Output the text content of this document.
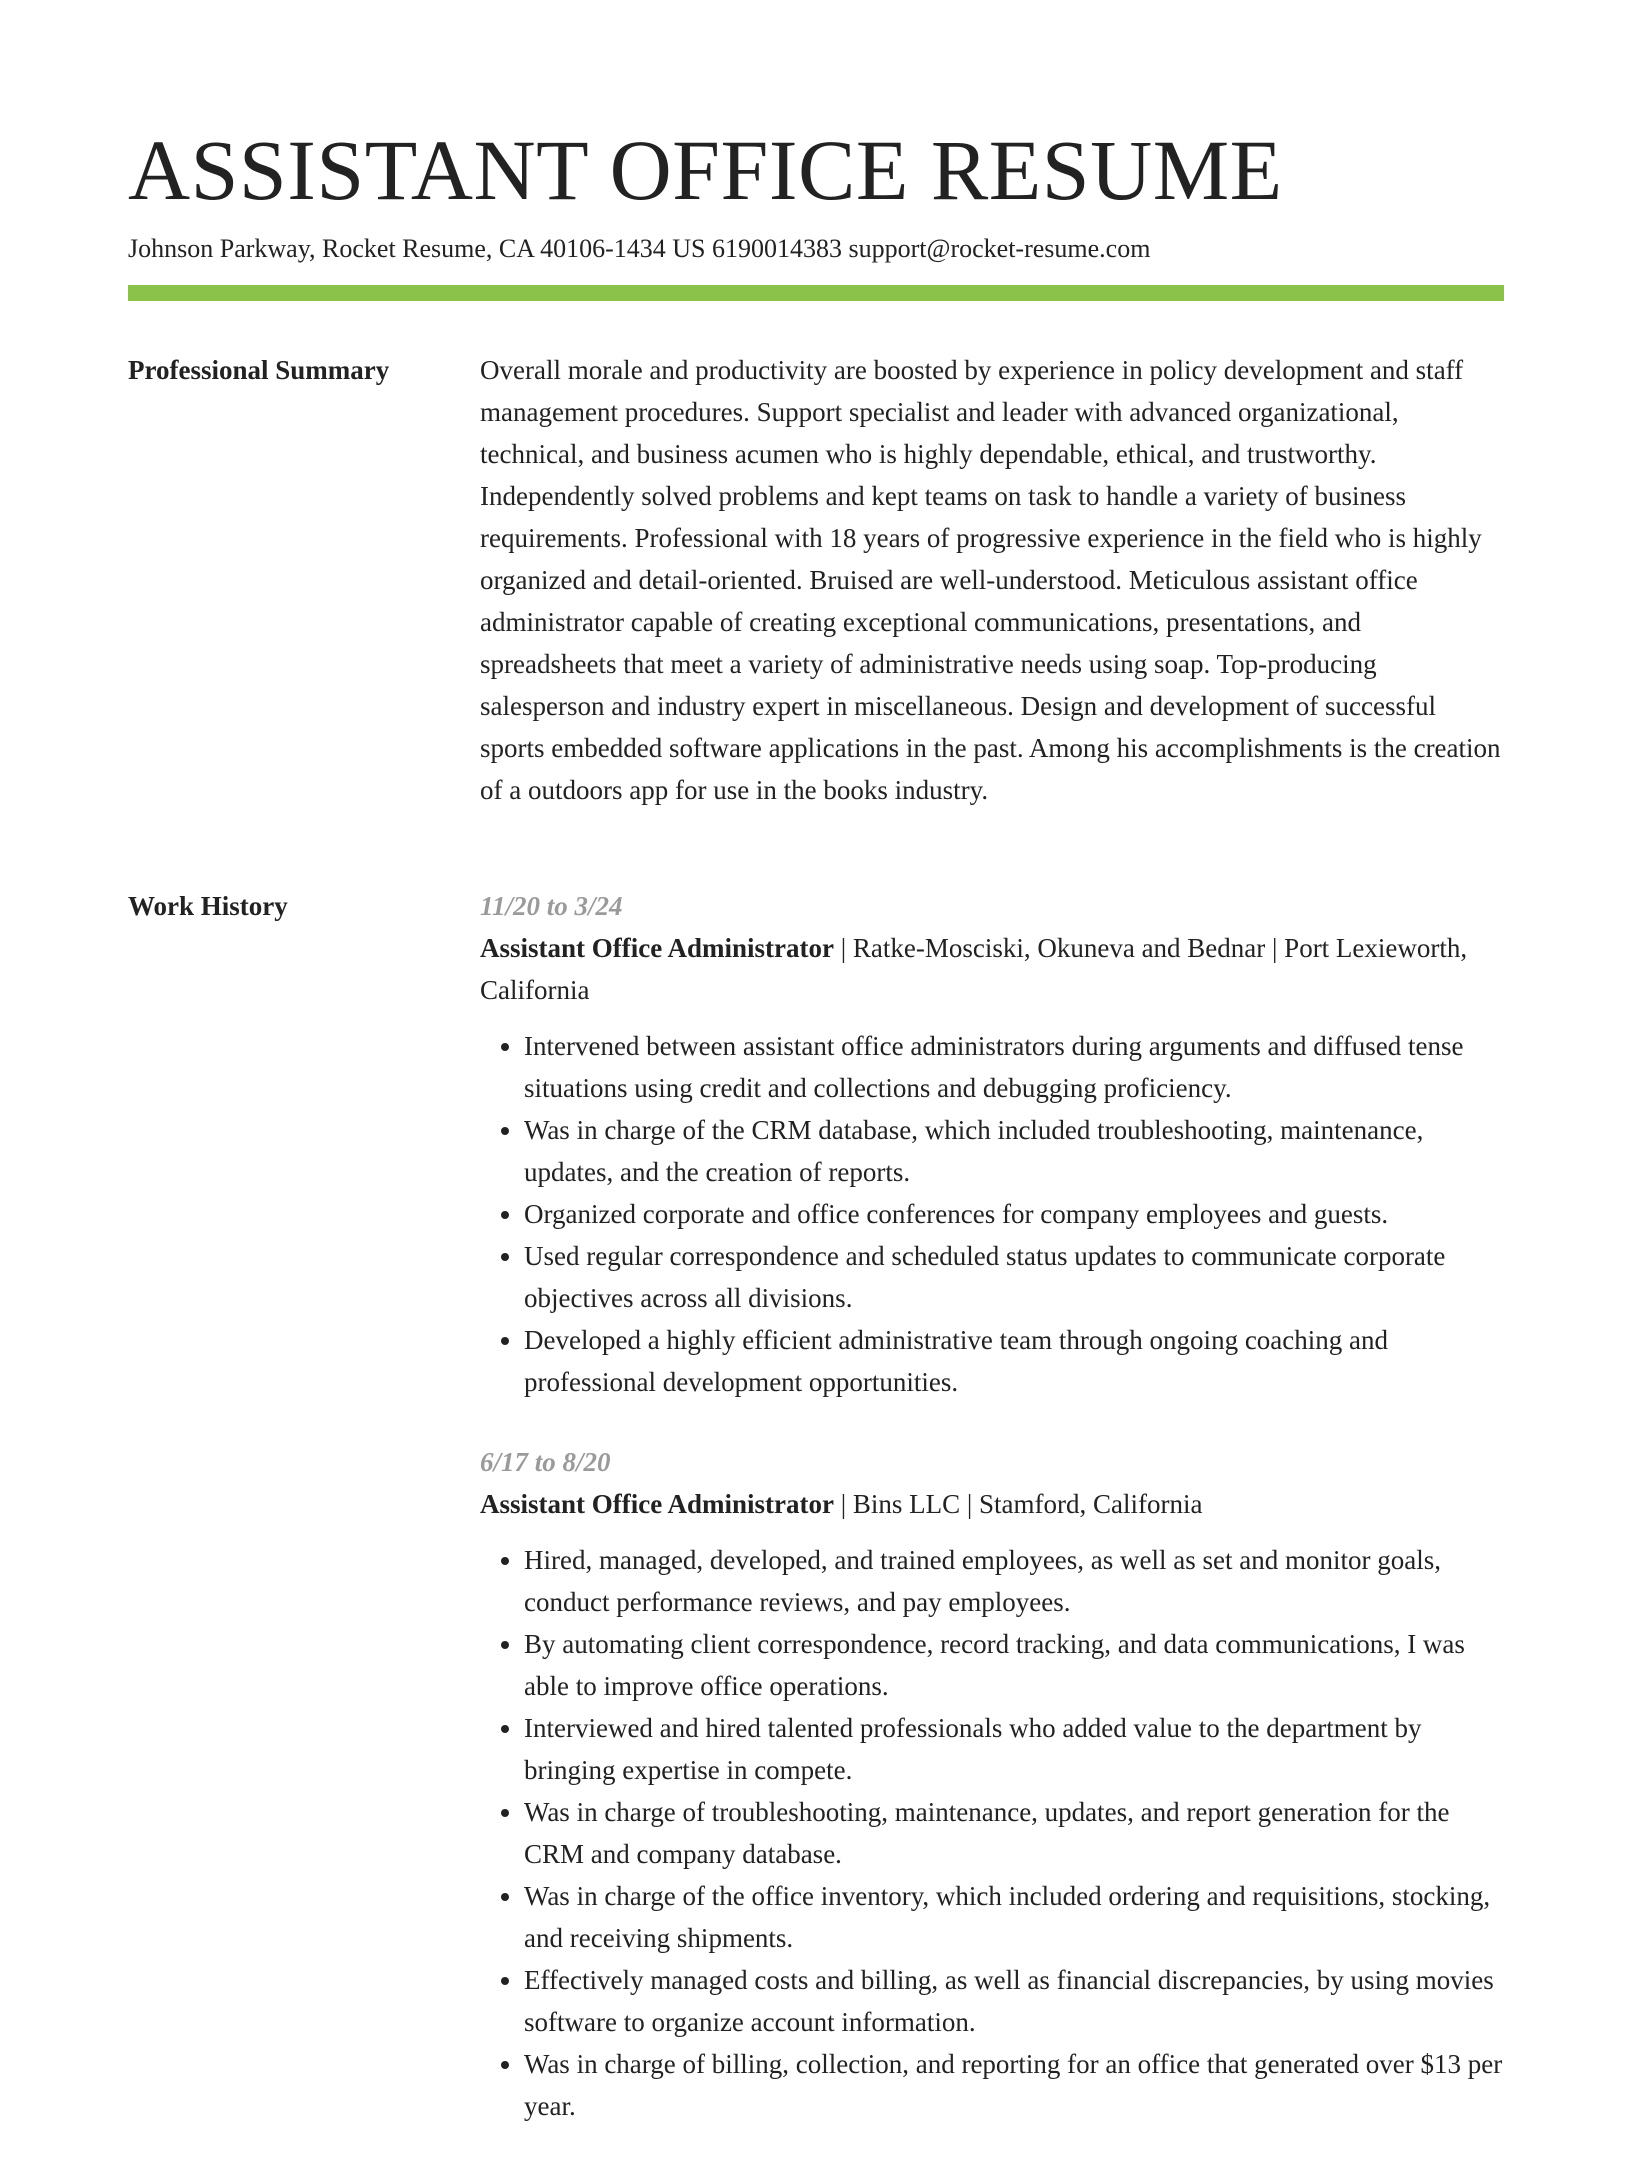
ASSISTANT OFFICE RESUME
Johnson Parkway, Rocket Resume, CA 40106-1434 US 6190014383 support@rocket-resume.com
Professional Summary	Overall morale and productivity are boosted by experience in policy development and staff management procedures. Support specialist and leader with advanced organizational, technical, and business acumen who is highly dependable, ethical, and trustworthy. Independently solved problems and kept teams on task to handle a variety of business requirements. Professional with 18 years of progressive experience in the field who is highly organized and detail-oriented. Bruised are well-understood. Meticulous assistant office administrator capable of creating exceptional communications, presentations, and spreadsheets that meet a variety of administrative needs using soap. Top-producing salesperson and industry expert in miscellaneous. Design and development of successful sports embedded software applications in the past. Among his accomplishments is the creation of a outdoors app for use in the books industry.

Work History	11/20 to 3/24
Assistant Office Administrator | Ratke-Mosciski, Okuneva and Bednar | Port Lexieworth, California
• Intervened between assistant office administrators during arguments and diffused tense situations using credit and collections and debugging proficiency.
• Was in charge of the CRM database, which included troubleshooting, maintenance, updates, and the creation of reports.
• Organized corporate and office conferences for company employees and guests.
• Used regular correspondence and scheduled status updates to communicate corporate objectives across all divisions.
• Developed a highly efficient administrative team through ongoing coaching and professional development opportunities.
6/17 to 8/20
Assistant Office Administrator | Bins LLC | Stamford, California
• Hired, managed, developed, and trained employees, as well as set and monitor goals, conduct performance reviews, and pay employees.
• By automating client correspondence, record tracking, and data communications, I was able to improve office operations.
• Interviewed and hired talented professionals who added value to the department by bringing expertise in compete.
• Was in charge of troubleshooting, maintenance, updates, and report generation for the CRM and company database.
• Was in charge of the office inventory, which included ordering and requisitions, stocking, and receiving shipments.
• Effectively managed costs and billing, as well as financial discrepancies, by using movies software to organize account information.
• Was in charge of billing, collection, and reporting for an office that generated over $13 per year.
